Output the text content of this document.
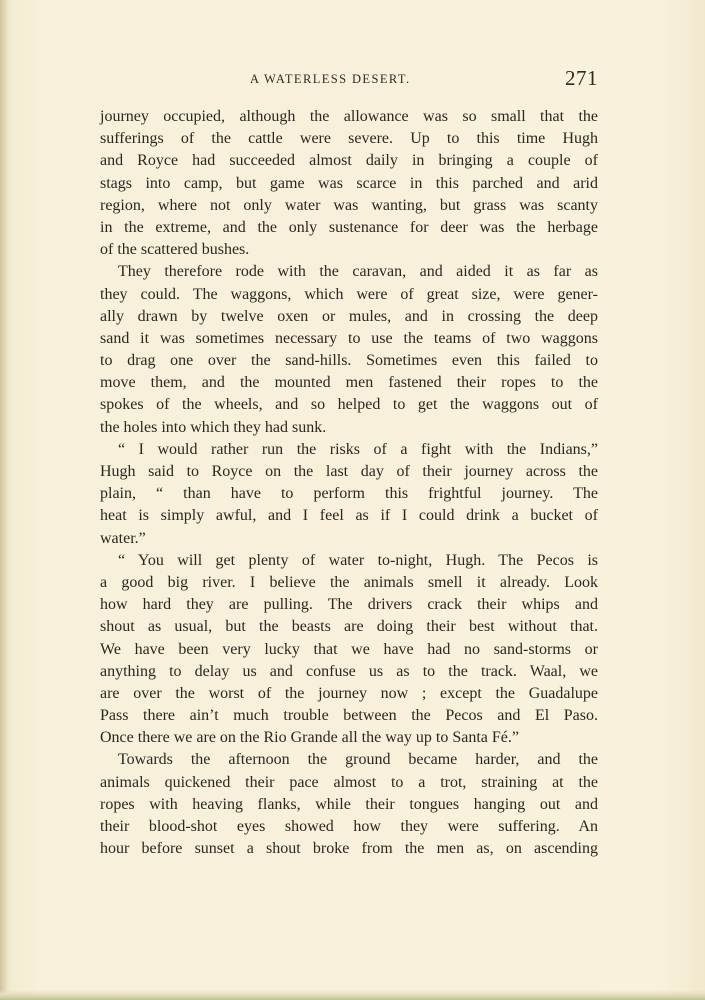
A WATERLESS DESERT.	271
journey occupied, although the allowance was so small that the
sufferings of the cattle were severe. Up to this time Hugh
and Royce had succeeded almost daily in bringing a couple of
stags into camp, but game was scarce in this parched and arid
region, where not only water was wanting, but grass was scanty
in the extreme, and the only sustenance for deer was the herbage
of the scattered bushes.
They therefore rode with the caravan, and aided it as far as
they could. The waggons, which were of great size, were gener-
ally drawn by twelve oxen or mules, and in crossing the deep
sand it was sometimes necessary to use the teams of two waggons
to drag one over the sand-hills. Sometimes even this failed to
move them, and the mounted men fastened their ropes to the
spokes of the wheels, and so helped to get the waggons out of
the holes into which they had sunk.
“ I would rather run the risks of a fight with the Indians,”
Hugh said to Royce on the last day of their journey across the
plain, “ than have to perform this frightful journey. The
heat is simply awful, and I feel as if I could drink a bucket of
water.”
“ You will get plenty of water to-night, Hugh. The Pecos is
a good big river. I believe the animals smell it already. Look
how hard they are pulling. The drivers crack their whips and
shout as usual, but the beasts are doing their best without that.
We have been very lucky that we have had no sand-storms or
anything to delay us and confuse us as to the track. Waal, we
are over the worst of the journey now ; except the Guadalupe
Pass there ain’t much trouble between the Pecos and El Paso.
Once there we are on the Rio Grande all the way up to Santa Fé.”
Towards the afternoon the ground became harder, and the
animals quickened their pace almost to a trot, straining at the
ropes with heaving flanks, while their tongues hanging out and
their blood-shot eyes showed how they were suffering. An
hour before sunset a shout broke from the men as, on ascending
